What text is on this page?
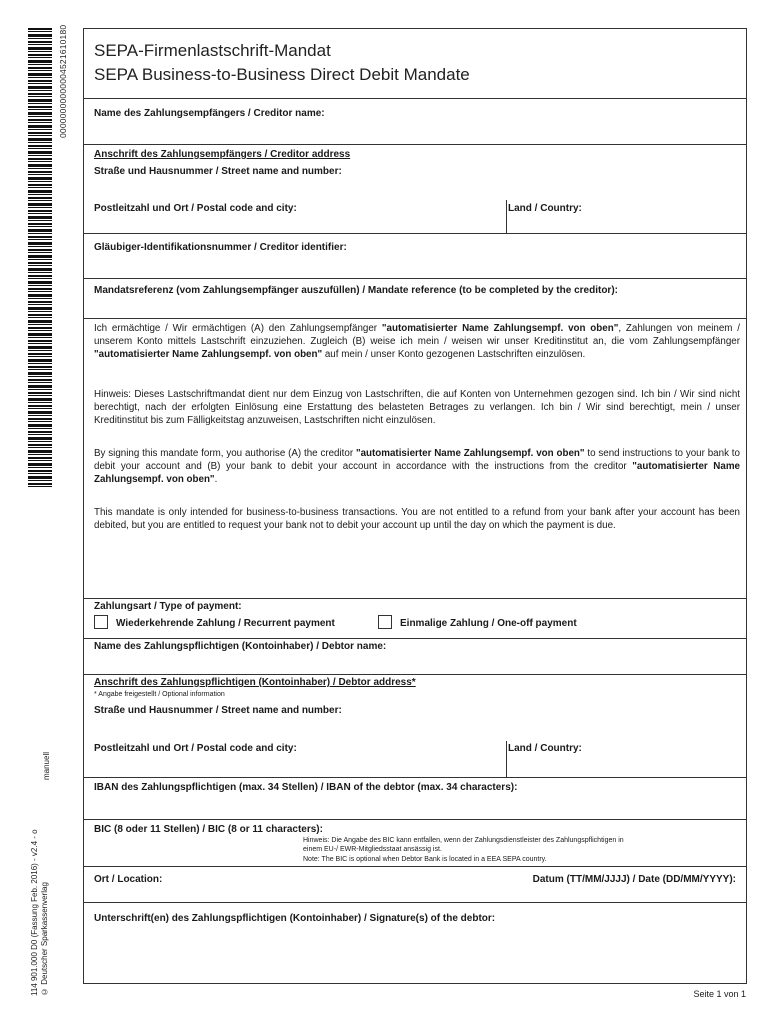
00000000000004521610180
manuell
114 901.000 D0 (Fassung Feb. 2016) - v2.4 - o © Deutscher Sparkassenverlag
SEPA-Firmenlastschrift-Mandat
SEPA Business-to-Business Direct Debit Mandate
Name des Zahlungsempfängers / Creditor name:
Anschrift des Zahlungsempfängers / Creditor address
Straße und Hausnummer / Street name and number:
Postleitzahl und Ort / Postal code and city:	Land / Country:
Gläubiger-Identifikationsnummer / Creditor identifier:
Mandatsreferenz (vom Zahlungsempfänger auszufüllen) / Mandate reference (to be completed by the creditor):
Ich ermächtige / Wir ermächtigen (A) den Zahlungsempfänger "automatisierter Name Zahlungsempf. von oben", Zahlungen von meinem / unserem Konto mittels Lastschrift einzuziehen. Zugleich (B) weise ich mein / weisen wir unser Kreditinstitut an, die vom Zahlungsempfänger "automatisierter Name Zahlungsempf. von oben" auf mein / unser Konto gezogenen Lastschriften einzulösen.
Hinweis: Dieses Lastschriftmandat dient nur dem Einzug von Lastschriften, die auf Konten von Unternehmen gezogen sind. Ich bin / Wir sind nicht berechtigt, nach der erfolgten Einlösung eine Erstattung des belasteten Betrages zu verlangen. Ich bin / Wir sind berechtigt, mein / unser Kreditinstitut bis zum Fälligkeitstag anzuweisen, Lastschriften nicht einzulösen.
By signing this mandate form, you authorise (A) the creditor "automatisierter Name Zahlungsempf. von oben" to send instructions to your bank to debit your account and (B) your bank to debit your account in accordance with the instructions from the creditor "automatisierter Name Zahlungsempf. von oben".
This mandate is only intended for business-to-business transactions. You are not entitled to a refund from your bank after your account has been debited, but you are entitled to request your bank not to debit your account up until the day on which the payment is due.
Zahlungsart / Type of payment:
Wiederkehrende Zahlung / Recurrent payment	Einmalige Zahlung / One-off payment
Name des Zahlungspflichtigen (Kontoinhaber) / Debtor name:
Anschrift des Zahlungspflichtigen (Kontoinhaber) / Debtor address*
* Angabe freigestellt / Optional information
Straße und Hausnummer / Street name and number:
Postleitzahl und Ort / Postal code and city:	Land / Country:
IBAN des Zahlungspflichtigen (max. 34 Stellen) / IBAN of the debtor (max. 34 characters):
BIC (8 oder 11 Stellen) / BIC (8 or 11 characters):
Hinweis: Die Angabe des BIC kann entfallen, wenn der Zahlungsdienstleister des Zahlungspflichtigen in
einem EU-/ EWR-Mitgliedsstaat ansässig ist.
Note: The BIC is optional when Debtor Bank is located in a EEA SEPA country.
Ort / Location:	Datum (TT/MM/JJJJ) / Date (DD/MM/YYYY):
Unterschrift(en) des Zahlungspflichtigen (Kontoinhaber) / Signature(s) of the debtor:
Seite 1 von 1
